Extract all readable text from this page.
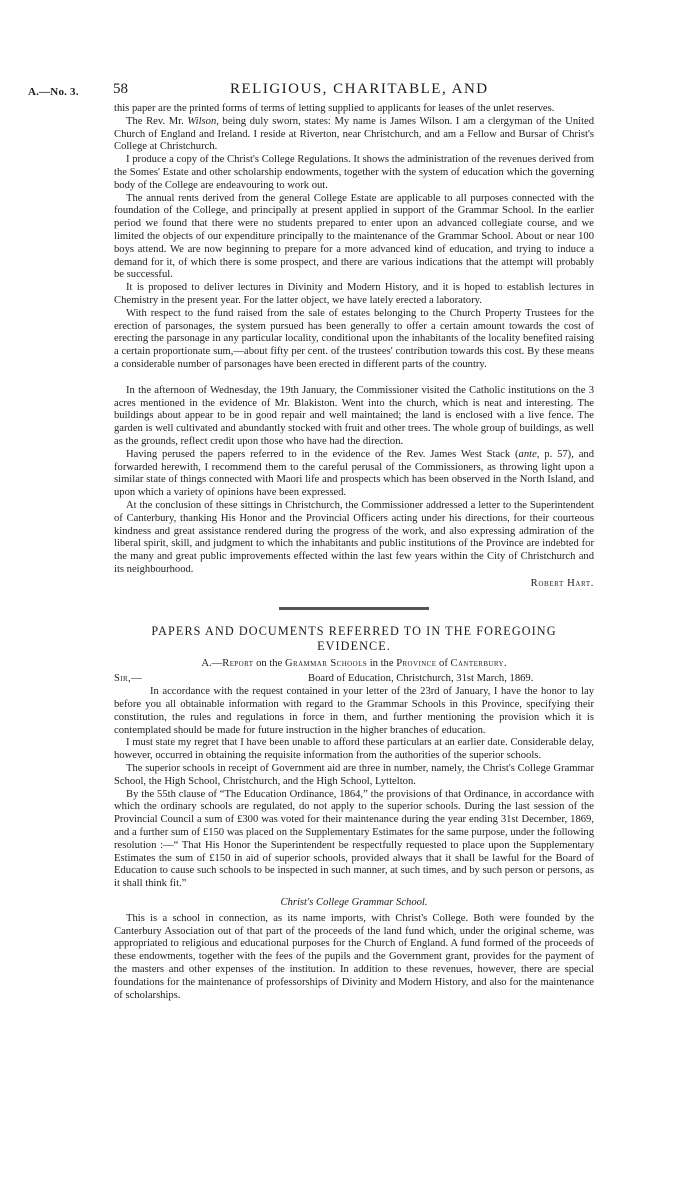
A.—No. 3. 58	RELIGIOUS, CHARITABLE, AND

this paper are the printed forms of terms of letting supplied to applicants for leases of the unlet reserves.

The Rev. Mr. Wilson, being duly sworn, states: My name is James Wilson. I am a clergyman of the United Church of England and Ireland. I reside at Riverton, near Christchurch, and am a Fellow and Bursar of Christ's College at Christchurch.

I produce a copy of the Christ's College Regulations. It shows the administration of the revenues derived from the Somes' Estate and other scholarship endowments, together with the system of education which the governing body of the College are endeavouring to work out.

The annual rents derived from the general College Estate are applicable to all purposes connected with the foundation of the College, and principally at present applied in support of the Grammar School. In the earlier period we found that there were no students prepared to enter upon an advanced collegiate course, and we limited the objects of our expenditure principally to the maintenance of the Grammar School. About or near 100 boys attend. We are now beginning to prepare for a more advanced kind of education, and trying to induce a demand for it, of which there is some prospect, and there are various indications that the attempt will probably be successful.

It is proposed to deliver lectures in Divinity and Modern History, and it is hoped to establish lectures in Chemistry in the present year. For the latter object, we have lately erected a laboratory.

With respect to the fund raised from the sale of estates belonging to the Church Property Trustees for the erection of parsonages, the system pursued has been generally to offer a certain amount towards the cost of erecting the parsonage in any particular locality, conditional upon the inhabitants of the locality benefited raising a certain proportionate sum,—about fifty per cent. of the trustees' contribution towards this cost. By these means a considerable number of parsonages have been erected in different parts of the country.

In the afternoon of Wednesday, the 19th January, the Commissioner visited the Catholic institutions on the 3 acres mentioned in the evidence of Mr. Blakiston. Went into the church, which is neat and interesting. The buildings about appear to be in good repair and well maintained; the land is enclosed with a live fence. The garden is well cultivated and abundantly stocked with fruit and other trees. The whole group of buildings, as well as the grounds, reflect credit upon those who have had the direction.

Having perused the papers referred to in the evidence of the Rev. James West Stack (ante, p. 57), and forwarded herewith, I recommend them to the careful perusal of the Commissioners, as throwing light upon a similar state of things connected with Maori life and prospects which has been observed in the North Island, and upon which a variety of opinions have been expressed.

At the conclusion of these sittings in Christchurch, the Commissioner addressed a letter to the Superintendent of Canterbury, thanking His Honor and the Provincial Officers acting under his directions, for their courteous kindness and great assistance rendered during the progress of the work, and also expressing admiration of the liberal spirit, skill, and judgment to which the inhabitants and public institutions of the Province are indebted for the many and great public improvements effected within the last few years within the City of Christchurch and its neighbourhood.

Robert Hart.

PAPERS AND DOCUMENTS REFERRED TO IN THE FOREGOING EVIDENCE.

A.—Report on the Grammar Schools in the Province of Canterbury.

Sir,—	Board of Education, Christchurch, 31st March, 1869.

In accordance with the request contained in your letter of the 23rd of January, I have the honor to lay before you all obtainable information with regard to the Grammar Schools in this Province, specifying their constitution, the rules and regulations in force in them, and further mentioning the provision which it is contemplated should be made for future instruction in the higher branches of education.

I must state my regret that I have been unable to afford these particulars at an earlier date. Considerable delay, however, occurred in obtaining the requisite information from the authorities of the superior schools.

The superior schools in receipt of Government aid are three in number, namely, the Christ's College Grammar School, the High School, Christchurch, and the High School, Lyttelton.

By the 55th clause of “The Education Ordinance, 1864,” the provisions of that Ordinance, in accordance with which the ordinary schools are regulated, do not apply to the superior schools. During the last session of the Provincial Council a sum of £300 was voted for their maintenance during the year ending 31st December, 1869, and a further sum of £150 was placed on the Supplementary Estimates for the same purpose, under the following resolution :—“ That His Honor the Superintendent be respectfully requested to place upon the Supplementary Estimates the sum of £150 in aid of superior schools, provided always that it shall be lawful for the Board of Education to cause such schools to be inspected in such manner, at such times, and by such person or persons, as it shall think fit.”

Christ's College Grammar School.

This is a school in connection, as its name imports, with Christ's College. Both were founded by the Canterbury Association out of that part of the proceeds of the land fund which, under the original scheme, was appropriated to religious and educational purposes for the Church of England. A fund formed of the proceeds of these endowments, together with the fees of the pupils and the Government grant, provides for the payment of the masters and other expenses of the institution. In addition to these revenues, however, there are special foundations for the maintenance of professorships of Divinity and Modern History, and also for the maintenance of scholarships.
